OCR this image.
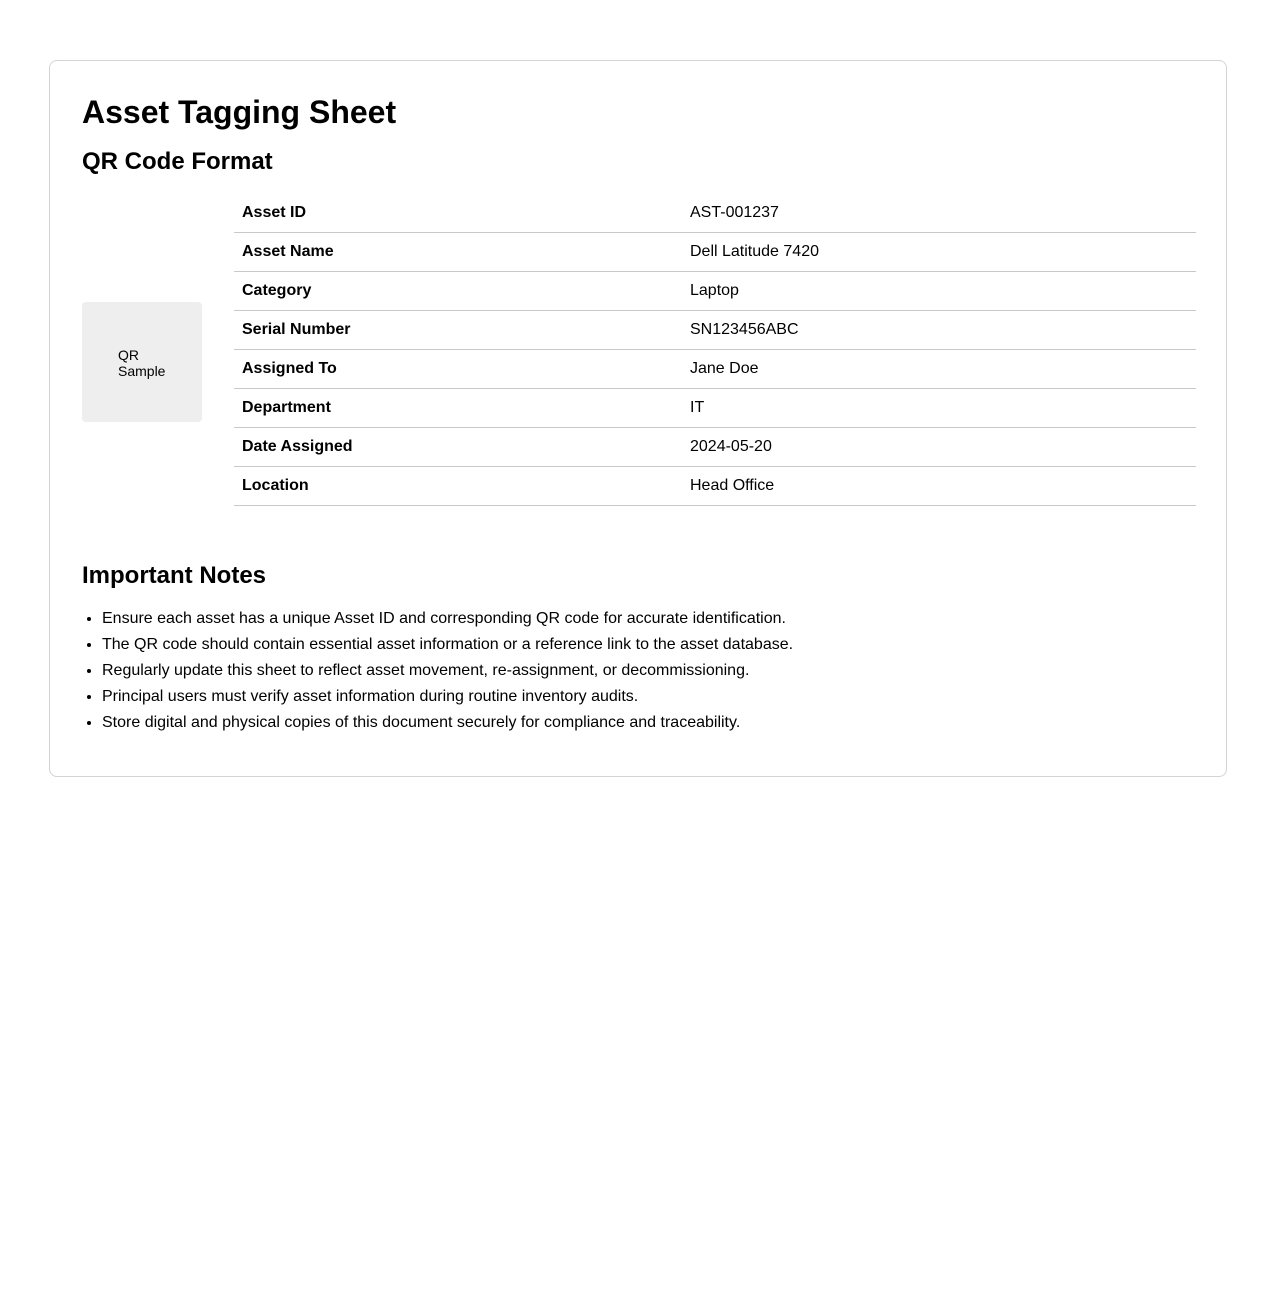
Asset Tagging Sheet
QR Code Format
QR
Sample
Asset ID	AST-001237
Asset Name	Dell Latitude 7420
Category	Laptop
Serial Number	SN123456ABC
Assigned To	Jane Doe
Department	IT
Date Assigned	2024-05-20
Location	Head Office
Important Notes
• Ensure each asset has a unique Asset ID and corresponding QR code for accurate identification.
• The QR code should contain essential asset information or a reference link to the asset database.
• Regularly update this sheet to reflect asset movement, re-assignment, or decommissioning.
• Principal users must verify asset information during routine inventory audits.
• Store digital and physical copies of this document securely for compliance and traceability.
